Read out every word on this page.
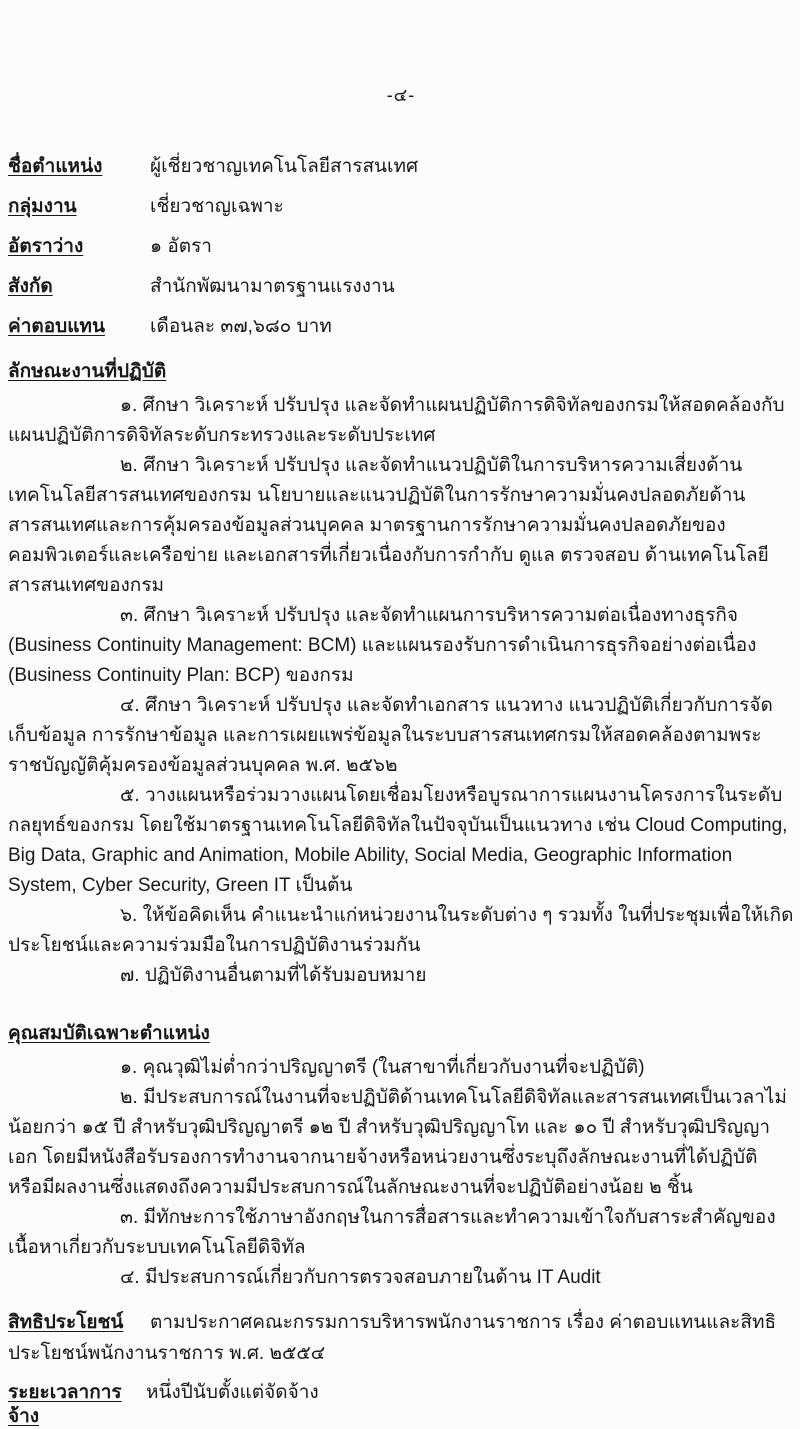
-๔-
ชื่อตำแหน่ง	ผู้เชี่ยวชาญเทคโนโลยีสารสนเทศ
กลุ่มงาน	เชี่ยวชาญเฉพาะ
อัตราว่าง	๑ อัตรา
สังกัด	สำนักพัฒนามาตรฐานแรงงาน
ค่าตอบแทน	เดือนละ ๓๗,๖๘๐ บาท
ลักษณะงานที่ปฏิบัติ

๑. ศึกษา วิเคราะห์ ปรับปรุง และจัดทำแผนปฏิบัติการดิจิทัลของกรมให้สอดคล้องกับแผนปฏิบัติการดิจิทัลระดับกระทรวงและระดับประเทศ

๒. ศึกษา วิเคราะห์ ปรับปรุง และจัดทำแนวปฏิบัติในการบริหารความเสี่ยงด้านเทคโนโลยีสารสนเทศของกรม นโยบายและแนวปฏิบัติในการรักษาความมั่นคงปลอดภัยด้านสารสนเทศและการคุ้มครองข้อมูลส่วนบุคคล มาตรฐานการรักษาความมั่นคงปลอดภัยของคอมพิวเตอร์และเครือข่าย และเอกสารที่เกี่ยวเนื่องกับการกำกับ ดูแล ตรวจสอบ ด้านเทคโนโลยีสารสนเทศของกรม

๓. ศึกษา วิเคราะห์ ปรับปรุง และจัดทำแผนการบริหารความต่อเนื่องทางธุรกิจ (Business Continuity Management: BCM) และแผนรองรับการดำเนินการธุรกิจอย่างต่อเนื่อง (Business Continuity Plan: BCP) ของกรม

๔. ศึกษา วิเคราะห์ ปรับปรุง และจัดทำเอกสาร แนวทาง แนวปฏิบัติเกี่ยวกับการจัดเก็บข้อมูล การรักษาข้อมูล และการเผยแพร่ข้อมูลในระบบสารสนเทศกรมให้สอดคล้องตามพระราชบัญญัติคุ้มครองข้อมูลส่วนบุคคล พ.ศ. ๒๕๖๒

๕. วางแผนหรือร่วมวางแผนโดยเชื่อมโยงหรือบูรณาการแผนงานโครงการในระดับกลยุทธ์ของกรม โดยใช้มาตรฐานเทคโนโลยีดิจิทัลในปัจจุบันเป็นแนวทาง เช่น Cloud Computing, Big Data, Graphic and Animation, Mobile Ability, Social Media, Geographic Information System, Cyber Security, Green IT เป็นต้น

๖. ให้ข้อคิดเห็น คำแนะนำแก่หน่วยงานในระดับต่าง ๆ รวมทั้ง ในที่ประชุมเพื่อให้เกิดประโยชน์และความร่วมมือในการปฏิบัติงานร่วมกัน

๗. ปฏิบัติงานอื่นตามที่ได้รับมอบหมาย

คุณสมบัติเฉพาะตำแหน่ง

๑. คุณวุฒิไม่ต่ำกว่าปริญญาตรี (ในสาขาที่เกี่ยวกับงานที่จะปฏิบัติ)

๒. มีประสบการณ์ในงานที่จะปฏิบัติด้านเทคโนโลยีดิจิทัลและสารสนเทศเป็นเวลาไม่น้อยกว่า ๑๕ ปี สำหรับวุฒิปริญญาตรี ๑๒ ปี สำหรับวุฒิปริญญาโท และ ๑๐ ปี สำหรับวุฒิปริญญาเอก โดยมีหนังสือรับรองการทำงานจากนายจ้างหรือหน่วยงานซึ่งระบุถึงลักษณะงานที่ได้ปฏิบัติ หรือมีผลงานซึ่งแสดงถึงความมีประสบการณ์ในลักษณะงานที่จะปฏิบัติอย่างน้อย ๒ ชิ้น

๓. มีทักษะการใช้ภาษาอังกฤษในการสื่อสารและทำความเข้าใจกับสาระสำคัญของเนื้อหาเกี่ยวกับระบบเทคโนโลยีดิจิทัล

๔. มีประสบการณ์เกี่ยวกับการตรวจสอบภายในด้าน IT Audit

สิทธิประโยชน์ ตามประกาศคณะกรรมการบริหารพนักงานราชการ เรื่อง ค่าตอบแทนและสิทธิประโยชน์พนักงานราชการ พ.ศ. ๒๕๕๔

ระยะเวลาการจ้าง
หนึ่งปีนับตั้งแต่จัดจ้าง
